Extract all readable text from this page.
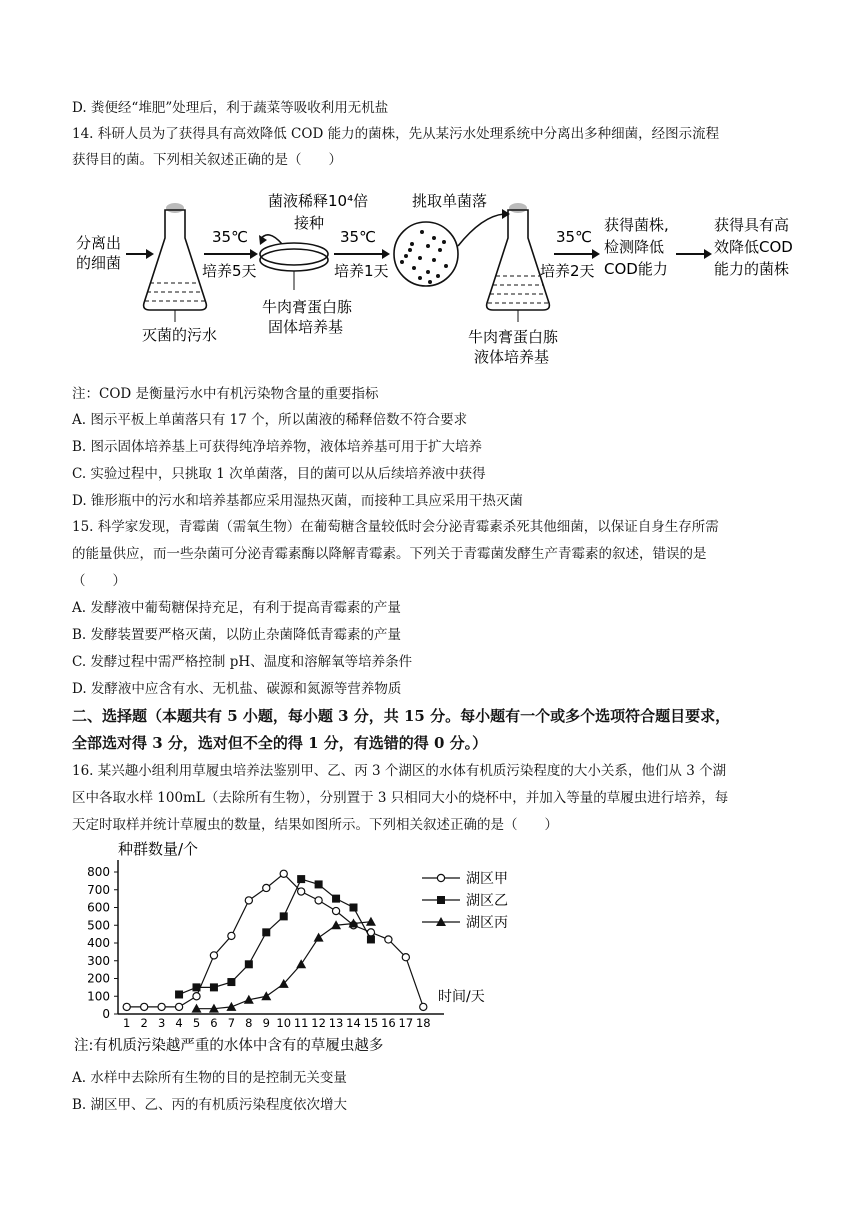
D. 粪便经“堆肥”处理后，利于蔬菜等吸收利用无机盐
14. 科研人员为了获得具有高效降低 COD 能力的菌株，先从某污水处理系统中分离出多种细菌，经图示流程
获得目的菌。下列相关叙述正确的是（　　）
分离出
的细菌
灭菌的污水
35℃
培养5天
菌液稀释10⁴倍
接种
牛肉膏蛋白胨
固体培养基
35℃
培养1天
挑取单菌落
牛肉膏蛋白胨
液体培养基
35℃
培养2天
获得菌株,
检测降低
COD能力
获得具有高
效降低COD
能力的菌株
注：COD 是衡量污水中有机污染物含量的重要指标
A. 图示平板上单菌落只有 17 个，所以菌液的稀释倍数不符合要求
B. 图示固体培养基上可获得纯净培养物，液体培养基可用于扩大培养
C. 实验过程中，只挑取 1 次单菌落，目的菌可以从后续培养液中获得
D. 锥形瓶中的污水和培养基都应采用湿热灭菌，而接种工具应采用干热灭菌
15. 科学家发现，青霉菌（需氧生物）在葡萄糖含量较低时会分泌青霉素杀死其他细菌，以保证自身生存所需
的能量供应，而一些杂菌可分泌青霉素酶以降解青霉素。下列关于青霉菌发酵生产青霉素的叙述，错误的是
（　　）
A. 发酵液中葡萄糖保持充足，有利于提高青霉素的产量
B. 发酵装置要严格灭菌，以防止杂菌降低青霉素的产量
C. 发酵过程中需严格控制 pH、温度和溶解氧等培养条件
D. 发酵液中应含有水、无机盐、碳源和氮源等营养物质
二、选择题（本题共有 5 小题，每小题 3 分，共 15 分。每小题有一个或多个选项符合题目要求，
全部选对得 3 分，选对但不全的得 1 分，有选错的得 0 分。）
16. 某兴趣小组利用草履虫培养法鉴别甲、乙、丙 3 个湖区的水体有机质污染程度的大小关系，他们从 3 个湖
区中各取水样 100mL（去除所有生物），分别置于 3 只相同大小的烧杯中，并加入等量的草履虫进行培养，每
天定时取样并统计草履虫的数量，结果如图所示。下列相关叙述正确的是（　　）
种群数量/个
0
100
200
300
400
500
600
700
800
1 2 3 4 5 6 7 8 9 10 11 12 13 14 15 16 17 18
时间/天
湖区甲
湖区乙
湖区丙
注:有机质污染越严重的水体中含有的草履虫越多
A. 水样中去除所有生物的目的是控制无关变量
B. 湖区甲、乙、丙的有机质污染程度依次增大
